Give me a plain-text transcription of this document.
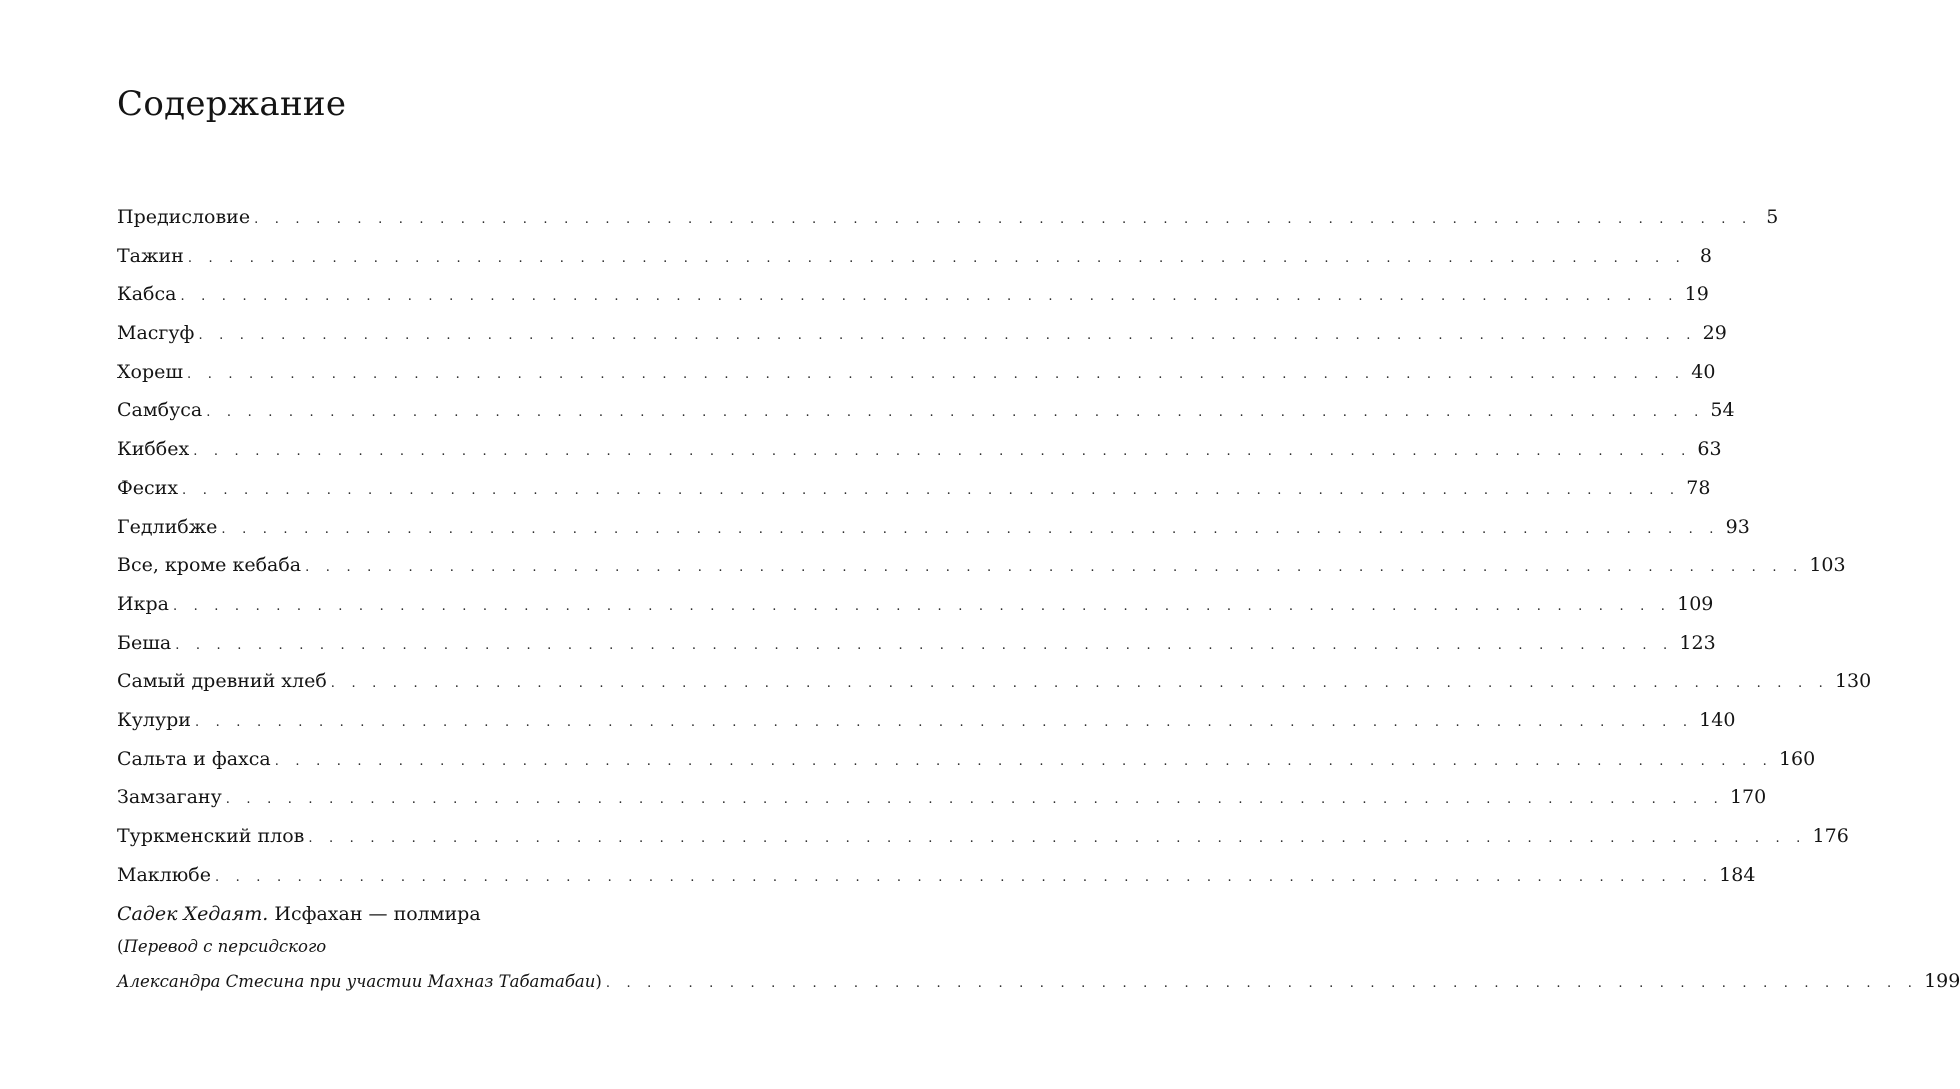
Содержание
Предисловие . . . . . . . . . . . . . . . . . . . . . . . . . . . . . . . . . . . . . . . . . . . . . . . . . . . . . . . . . . . . . . . . . . . . . . . . . 5
Тажин . . . . . . . . . . . . . . . . . . . . . . . . . . . . . . . . . . . . . . . . . . . . . . . . . . . . . . . . . . . . . . . . . . . . . . . . . 8
Кабса . . . . . . . . . . . . . . . . . . . . . . . . . . . . . . . . . . . . . . . . . . . . . . . . . . . . . . . . . . . . . . . . . . . . . . . . . 19
Масгуф . . . . . . . . . . . . . . . . . . . . . . . . . . . . . . . . . . . . . . . . . . . . . . . . . . . . . . . . . . . . . . . . . . . . . . . . . 29
Хореш . . . . . . . . . . . . . . . . . . . . . . . . . . . . . . . . . . . . . . . . . . . . . . . . . . . . . . . . . . . . . . . . . . . . . . . . . 40
Самбуса . . . . . . . . . . . . . . . . . . . . . . . . . . . . . . . . . . . . . . . . . . . . . . . . . . . . . . . . . . . . . . . . . . . . . . . . . 54
Киббех . . . . . . . . . . . . . . . . . . . . . . . . . . . . . . . . . . . . . . . . . . . . . . . . . . . . . . . . . . . . . . . . . . . . . . . . . 63
Фесих . . . . . . . . . . . . . . . . . . . . . . . . . . . . . . . . . . . . . . . . . . . . . . . . . . . . . . . . . . . . . . . . . . . . . . . . . 78
Гедлибже . . . . . . . . . . . . . . . . . . . . . . . . . . . . . . . . . . . . . . . . . . . . . . . . . . . . . . . . . . . . . . . . . . . . . . . . . 93
Все, кроме кебаба . . . . . . . . . . . . . . . . . . . . . . . . . . . . . . . . . . . . . . . . . . . . . . . . . . . . . . . . . . . . . . . . . . . . . . . . . 103
Икра . . . . . . . . . . . . . . . . . . . . . . . . . . . . . . . . . . . . . . . . . . . . . . . . . . . . . . . . . . . . . . . . . . . . . . . . . 109
Беша . . . . . . . . . . . . . . . . . . . . . . . . . . . . . . . . . . . . . . . . . . . . . . . . . . . . . . . . . . . . . . . . . . . . . . . . . 123
Самый древний хлеб . . . . . . . . . . . . . . . . . . . . . . . . . . . . . . . . . . . . . . . . . . . . . . . . . . . . . . . . . . . . . . . . . . . . . . . . . 130
Кулури . . . . . . . . . . . . . . . . . . . . . . . . . . . . . . . . . . . . . . . . . . . . . . . . . . . . . . . . . . . . . . . . . . . . . . . . . 140
Сальта и фахса . . . . . . . . . . . . . . . . . . . . . . . . . . . . . . . . . . . . . . . . . . . . . . . . . . . . . . . . . . . . . . . . . . . . . . . . . 160
Замзагану . . . . . . . . . . . . . . . . . . . . . . . . . . . . . . . . . . . . . . . . . . . . . . . . . . . . . . . . . . . . . . . . . . . . . . . . . 170
Туркменский плов . . . . . . . . . . . . . . . . . . . . . . . . . . . . . . . . . . . . . . . . . . . . . . . . . . . . . . . . . . . . . . . . . . . . . . . . . 176
Маклюбе . . . . . . . . . . . . . . . . . . . . . . . . . . . . . . . . . . . . . . . . . . . . . . . . . . . . . . . . . . . . . . . . . . . . . . . . . 184
Садек Хедаят. Исфахан — полмира
(Перевод с персидского
Александра Стесина при участии Махназ Табатабаи) . . . . . . . . . . . . . . . . . . . . . . . . . . . . . . . . . . . . . . . . . . . . . . . . . . . . . . . . . . . . . . . . 199
